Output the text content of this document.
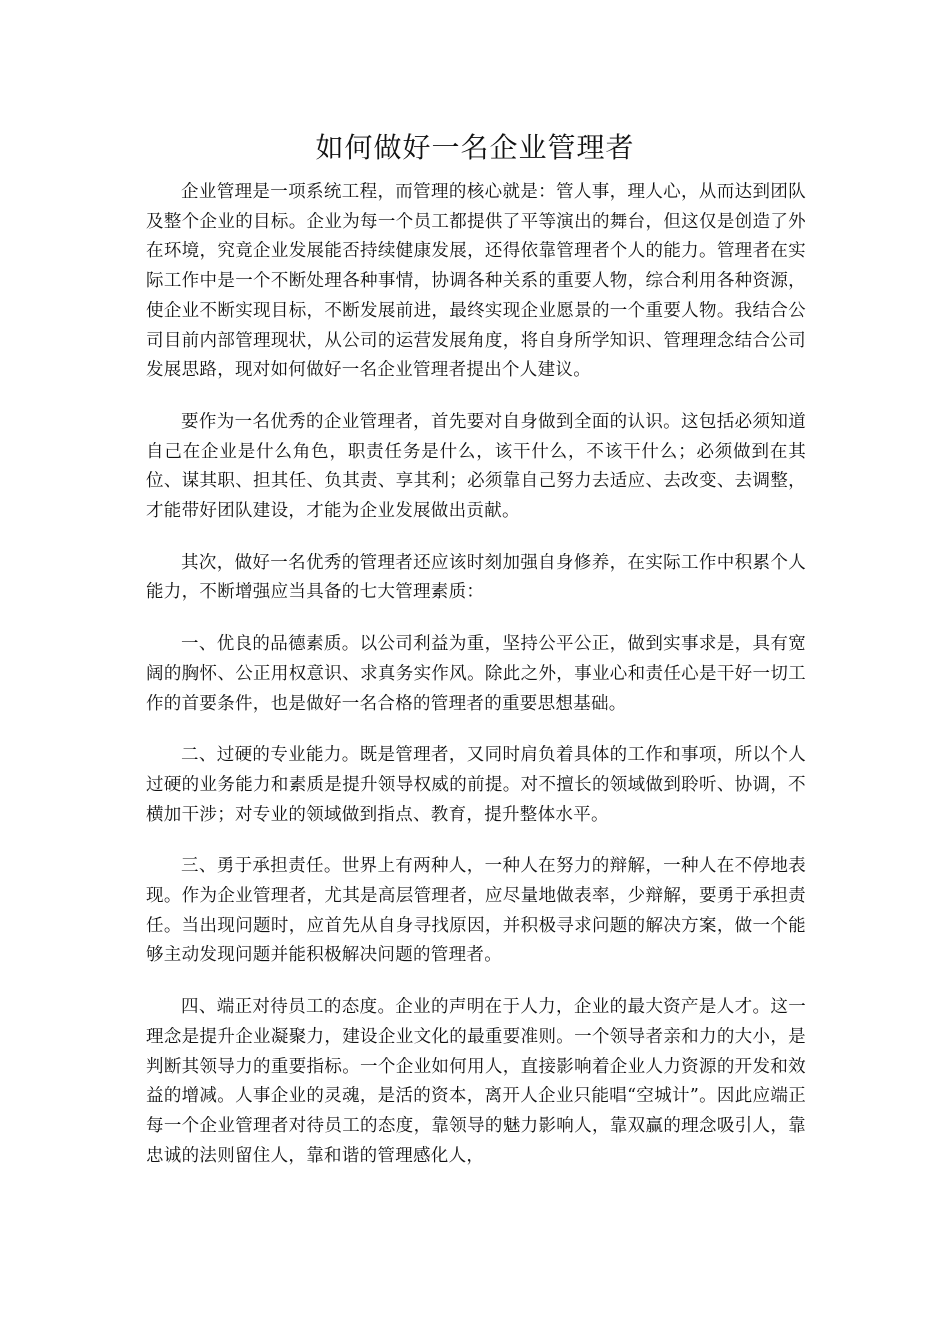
如何做好一名企业管理者

企业管理是一项系统工程，而管理的核心就是：管人事，理人心，从而达到团队及整个企业的目标。企业为每一个员工都提供了平等演出的舞台，但这仅是创造了外在环境，究竟企业发展能否持续健康发展，还得依靠管理者个人的能力。管理者在实际工作中是一个不断处理各种事情，协调各种关系的重要人物，综合利用各种资源，使企业不断实现目标，不断发展前进，最终实现企业愿景的一个重要人物。我结合公司目前内部管理现状，从公司的运营发展角度，将自身所学知识、管理理念结合公司发展思路，现对如何做好一名企业管理者提出个人建议。

要作为一名优秀的企业管理者，首先要对自身做到全面的认识。这包括必须知道自己在企业是什么角色，职责任务是什么，该干什么，不该干什么；必须做到在其位、谋其职、担其任、负其责、享其利；必须靠自己努力去适应、去改变、去调整，才能带好团队建设，才能为企业发展做出贡献。

其次，做好一名优秀的管理者还应该时刻加强自身修养，在实际工作中积累个人能力，不断增强应当具备的七大管理素质：

一、优良的品德素质。以公司利益为重，坚持公平公正，做到实事求是，具有宽阔的胸怀、公正用权意识、求真务实作风。除此之外，事业心和责任心是干好一切工作的首要条件，也是做好一名合格的管理者的重要思想基础。

二、过硬的专业能力。既是管理者，又同时肩负着具体的工作和事项，所以个人过硬的业务能力和素质是提升领导权威的前提。对不擅长的领域做到聆听、协调，不横加干涉；对专业的领域做到指点、教育，提升整体水平。

三、勇于承担责任。世界上有两种人，一种人在努力的辩解，一种人在不停地表现。作为企业管理者，尤其是高层管理者，应尽量地做表率，少辩解，要勇于承担责任。当出现问题时，应首先从自身寻找原因，并积极寻求问题的解决方案，做一个能够主动发现问题并能积极解决问题的管理者。

四、端正对待员工的态度。企业的声明在于人力，企业的最大资产是人才。这一理念是提升企业凝聚力，建设企业文化的最重要准则。一个领导者亲和力的大小，是判断其领导力的重要指标。一个企业如何用人，直接影响着企业人力资源的开发和效益的增减。人事企业的灵魂，是活的资本，离开人企业只能唱“空城计”。因此应端正每一个企业管理者对待员工的态度，靠领导的魅力影响人，靠双赢的理念吸引人，靠忠诚的法则留住人，靠和谐的管理感化人，
